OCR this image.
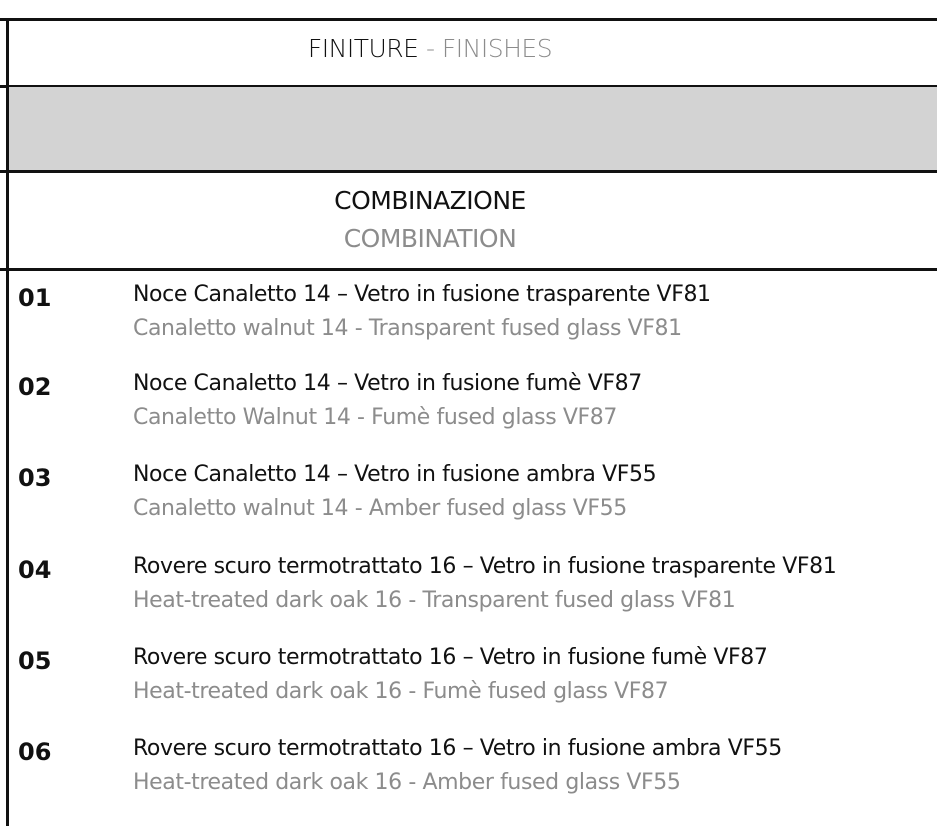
FINITURE - FINISHES
COMBINAZIONE
COMBINATION
01	Noce Canaletto 14 – Vetro in fusione trasparente VF81
Canaletto walnut 14 - Transparent fused glass VF81
02	Noce Canaletto 14 – Vetro in fusione fumè VF87
Canaletto Walnut 14 - Fumè fused glass VF87
03	Noce Canaletto 14 – Vetro in fusione ambra VF55
Canaletto walnut 14 - Amber fused glass VF55
04	Rovere scuro termotrattato 16 – Vetro in fusione trasparente VF81
Heat-treated dark oak 16 - Transparent fused glass VF81
05	Rovere scuro termotrattato 16 – Vetro in fusione fumè VF87
Heat-treated dark oak 16 - Fumè fused glass VF87
06	Rovere scuro termotrattato 16 – Vetro in fusione ambra VF55
Heat-treated dark oak 16 - Amber fused glass VF55
